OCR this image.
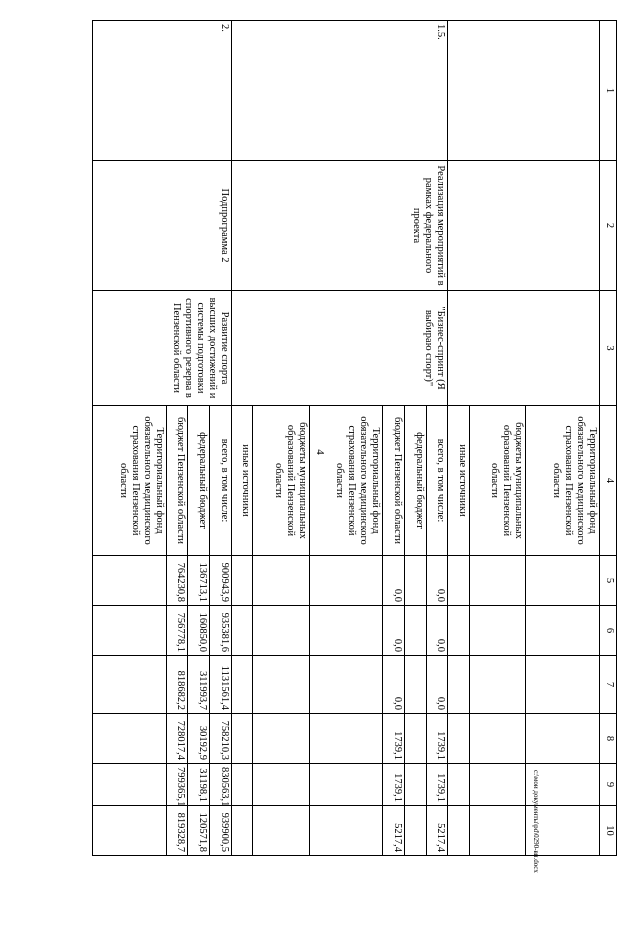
4
1	2	3	4	5	6	7	8	9	10
			Территориальный фонд обязательного медицинского страхования Пензенской области						
			бюджеты муниципальных образований Пензенской области						
			иные источники						
1.5.	Реализация мероприятий в рамках федерального проекта	"Бизнес-спринт (Я выбираю спорт)"	всего, в том числе:	0,0	0,0	0,0	1739,1	1739,1	5217,4
			федеральный бюджет						
			бюджет Пензенской области	0,0	0,0	0,0	1739,1	1739,1	5217,4
			Территориальный фонд обязательного медицинского страхования Пензенской области						
			бюджеты муниципальных образований Пензенской области						
			иные источники						
2.	Подпрограмма 2	Развитие спорта высших достижений и системы подготовки спортивного резерва в Пензенской области	всего, в том числе:	900943,9	935381,6	1131561,4	758210,3	830563,1	939900,5
			федеральный бюджет	136713,1	160850,0	311993,7	30192,9	31198,1	120571,8
			бюджет Пензенской области	764230,8	756778,1	818682,2	728017,4	799365,1	819328,7
			Территориальный фонд обязательного медицинского страхования Пензенской области						
c:\мои документы\pd\0290-вп.docx
